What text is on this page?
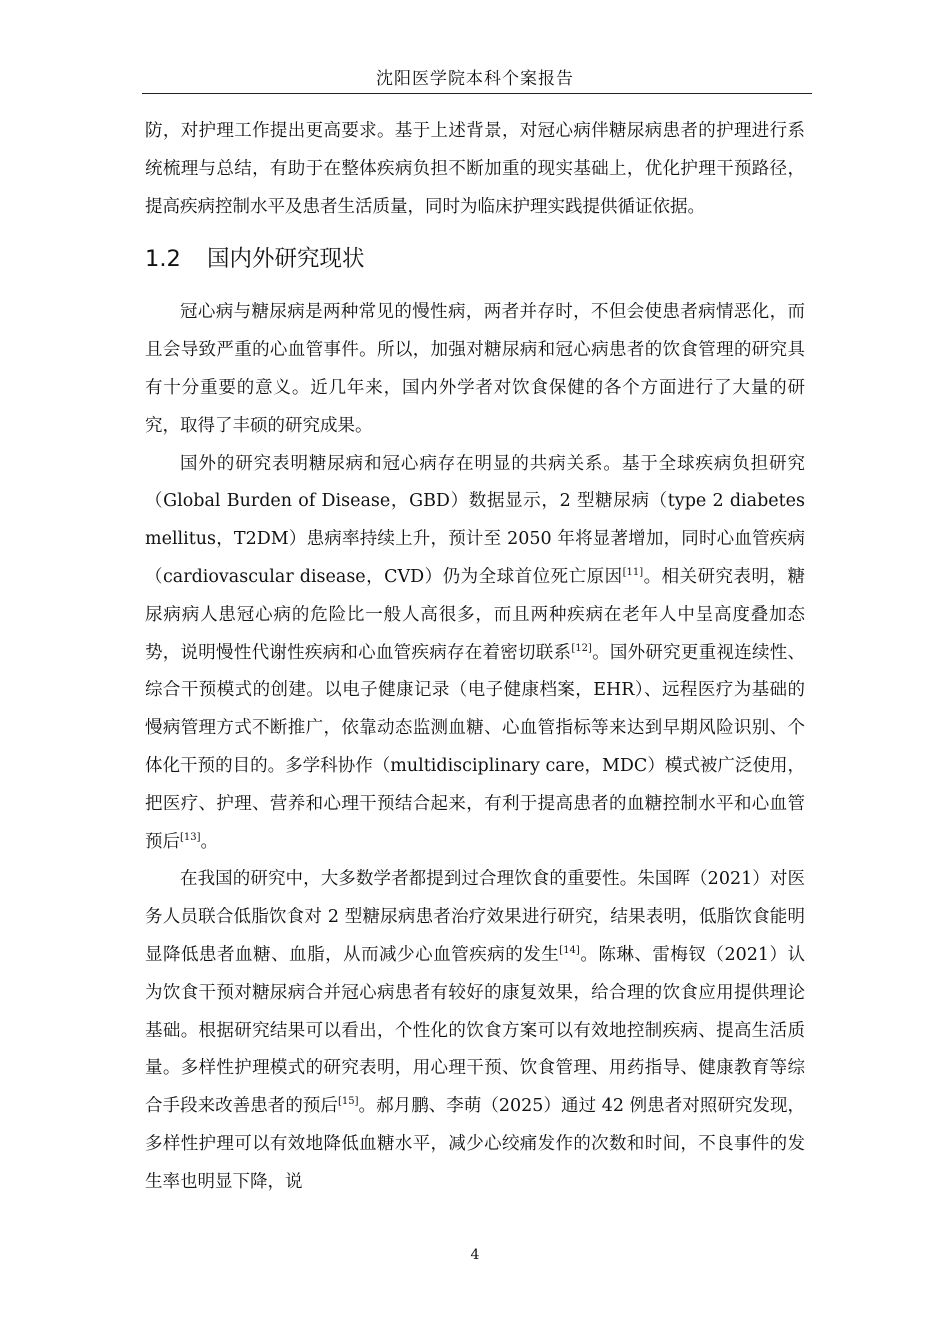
沈阳医学院本科个案报告

防，对护理工作提出更高要求。基于上述背景，对冠心病伴糖尿病患者的护理进行系统梳理与总结，有助于在整体疾病负担不断加重的现实基础上，优化护理干预路径，提高疾病控制水平及患者生活质量，同时为临床护理实践提供循证依据。

1.2 国内外研究现状

冠心病与糖尿病是两种常见的慢性病，两者并存时，不但会使患者病情恶化，而且会导致严重的心血管事件。所以，加强对糖尿病和冠心病患者的饮食管理的研究具有十分重要的意义。近几年来，国内外学者对饮食保健的各个方面进行了大量的研究，取得了丰硕的研究成果。

国外的研究表明糖尿病和冠心病存在明显的共病关系。基于全球疾病负担研究（Global Burden of Disease，GBD）数据显示，2 型糖尿病（type 2 diabetes mellitus，T2DM）患病率持续上升，预计至 2050 年将显著增加，同时心血管疾病（cardiovascular disease，CVD）仍为全球首位死亡原因[11]。相关研究表明，糖尿病病人患冠心病的危险比一般人高很多，而且两种疾病在老年人中呈高度叠加态势，说明慢性代谢性疾病和心血管疾病存在着密切联系[12]。国外研究更重视连续性、综合干预模式的创建。以电子健康记录（电子健康档案，EHR）、远程医疗为基础的慢病管理方式不断推广，依靠动态监测血糖、心血管指标等来达到早期风险识别、个体化干预的目的。多学科协作（multidisciplinary care，MDC）模式被广泛使用，把医疗、护理、营养和心理干预结合起来，有利于提高患者的血糖控制水平和心血管预后[13]。

在我国的研究中，大多数学者都提到过合理饮食的重要性。朱国晖（2021）对医务人员联合低脂饮食对 2 型糖尿病患者治疗效果进行研究，结果表明，低脂饮食能明显降低患者血糖、血脂，从而减少心血管疾病的发生[14]。陈琳、雷梅钗（2021）认为饮食干预对糖尿病合并冠心病患者有较好的康复效果，给合理的饮食应用提供理论基础。根据研究结果可以看出，个性化的饮食方案可以有效地控制疾病、提高生活质量。多样性护理模式的研究表明，用心理干预、饮食管理、用药指导、健康教育等综合手段来改善患者的预后[15]。郝月鹏、李萌（2025）通过 42 例患者对照研究发现，多样性护理可以有效地降低血糖水平，减少心绞痛发作的次数和时间，不良事件的发生率也明显下降，说

4
